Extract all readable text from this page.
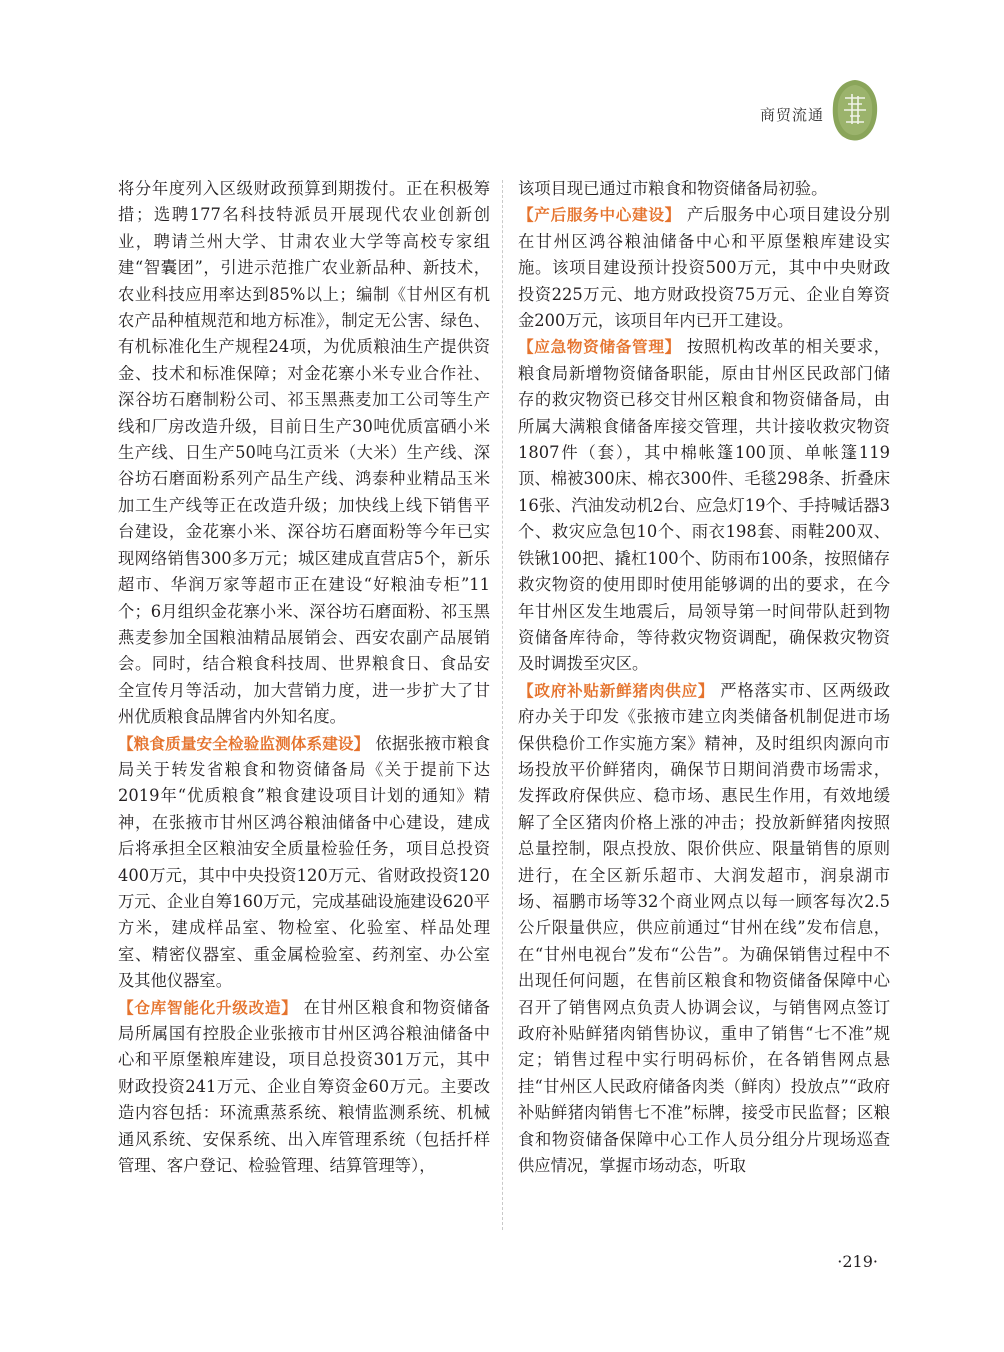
商贸流通

将分年度列入区级财政预算到期拨付。正在积极筹措；选聘177名科技特派员开展现代农业创新创业，聘请兰州大学、甘肃农业大学等高校专家组建“智囊团”，引进示范推广农业新品种、新技术，农业科技应用率达到85%以上；编制《甘州区有机农产品种植规范和地方标准》，制定无公害、绿色、有机标准化生产规程24项，为优质粮油生产提供资金、技术和标准保障；对金花寨小米专业合作社、深谷坊石磨制粉公司、祁玉黑燕麦加工公司等生产线和厂房改造升级，目前日生产30吨优质富硒小米生产线、日生产50吨乌江贡米（大米）生产线、深谷坊石磨面粉系列产品生产线、鸿泰种业精品玉米加工生产线等正在改造升级；加快线上线下销售平台建设，金花寨小米、深谷坊石磨面粉等今年已实现网络销售300多万元；城区建成直营店5个，新乐超市、华润万家等超市正在建设“好粮油专柜”11个；6月组织金花寨小米、深谷坊石磨面粉、祁玉黑燕麦参加全国粮油精品展销会、西安农副产品展销会。同时，结合粮食科技周、世界粮食日、食品安全宣传月等活动，加大营销力度，进一步扩大了甘州优质粮食品牌省内外知名度。

【粮食质量安全检验监测体系建设】 依据张掖市粮食局关于转发省粮食和物资储备局《关于提前下达2019年“优质粮食”粮食建设项目计划的通知》精神，在张掖市甘州区鸿谷粮油储备中心建设，建成后将承担全区粮油安全质量检验任务，项目总投资400万元，其中中央投资120万元、省财政投资120万元、企业自筹160万元，完成基础设施建设620平方米，建成样品室、物检室、化验室、样品处理室、精密仪器室、重金属检验室、药剂室、办公室及其他仪器室。

【仓库智能化升级改造】 在甘州区粮食和物资储备局所属国有控股企业张掖市甘州区鸿谷粮油储备中心和平原堡粮库建设，项目总投资301万元，其中财政投资241万元、企业自筹资金60万元。主要改造内容包括：环流熏蒸系统、粮情监测系统、机械通风系统、安保系统、出入库管理系统（包括扦样管理、客户登记、检验管理、结算管理等），

该项目现已通过市粮食和物资储备局初验。

【产后服务中心建设】 产后服务中心项目建设分别在甘州区鸿谷粮油储备中心和平原堡粮库建设实施。该项目建设预计投资500万元，其中中央财政投资225万元、地方财政投资75万元、企业自筹资金200万元，该项目年内已开工建设。

【应急物资储备管理】 按照机构改革的相关要求，粮食局新增物资储备职能，原由甘州区民政部门储存的救灾物资已移交甘州区粮食和物资储备局，由所属大满粮食储备库接交管理，共计接收救灾物资1807件（套），其中棉帐篷100顶、单帐篷119顶、棉被300床、棉衣300件、毛毯298条、折叠床16张、汽油发动机2台、应急灯19个、手持喊话器3个、救灾应急包10个、雨衣198套、雨鞋200双、铁锹100把、撬杠100个、防雨布100条，按照储存救灾物资的使用即时使用能够调的出的要求，在今年甘州区发生地震后，局领导第一时间带队赶到物资储备库待命，等待救灾物资调配，确保救灾物资及时调拨至灾区。

【政府补贴新鲜猪肉供应】 严格落实市、区两级政府办关于印发《张掖市建立肉类储备机制促进市场保供稳价工作实施方案》精神，及时组织肉源向市场投放平价鲜猪肉，确保节日期间消费市场需求，发挥政府保供应、稳市场、惠民生作用，有效地缓解了全区猪肉价格上涨的冲击；投放新鲜猪肉按照总量控制，限点投放、限价供应、限量销售的原则进行，在全区新乐超市、大润发超市，润泉湖市场、福鹏市场等32个商业网点以每一顾客每次2.5公斤限量供应，供应前通过“甘州在线”发布信息，在“甘州电视台”发布“公告”。为确保销售过程中不出现任何问题，在售前区粮食和物资储备保障中心召开了销售网点负责人协调会议，与销售网点签订政府补贴鲜猪肉销售协议，重申了销售“七不准”规定；销售过程中实行明码标价，在各销售网点悬挂“甘州区人民政府储备肉类（鲜肉）投放点”“政府补贴鲜猪肉销售七不准”标牌，接受市民监督；区粮食和物资储备保障中心工作人员分组分片现场巡查供应情况，掌握市场动态，听取

·219·
